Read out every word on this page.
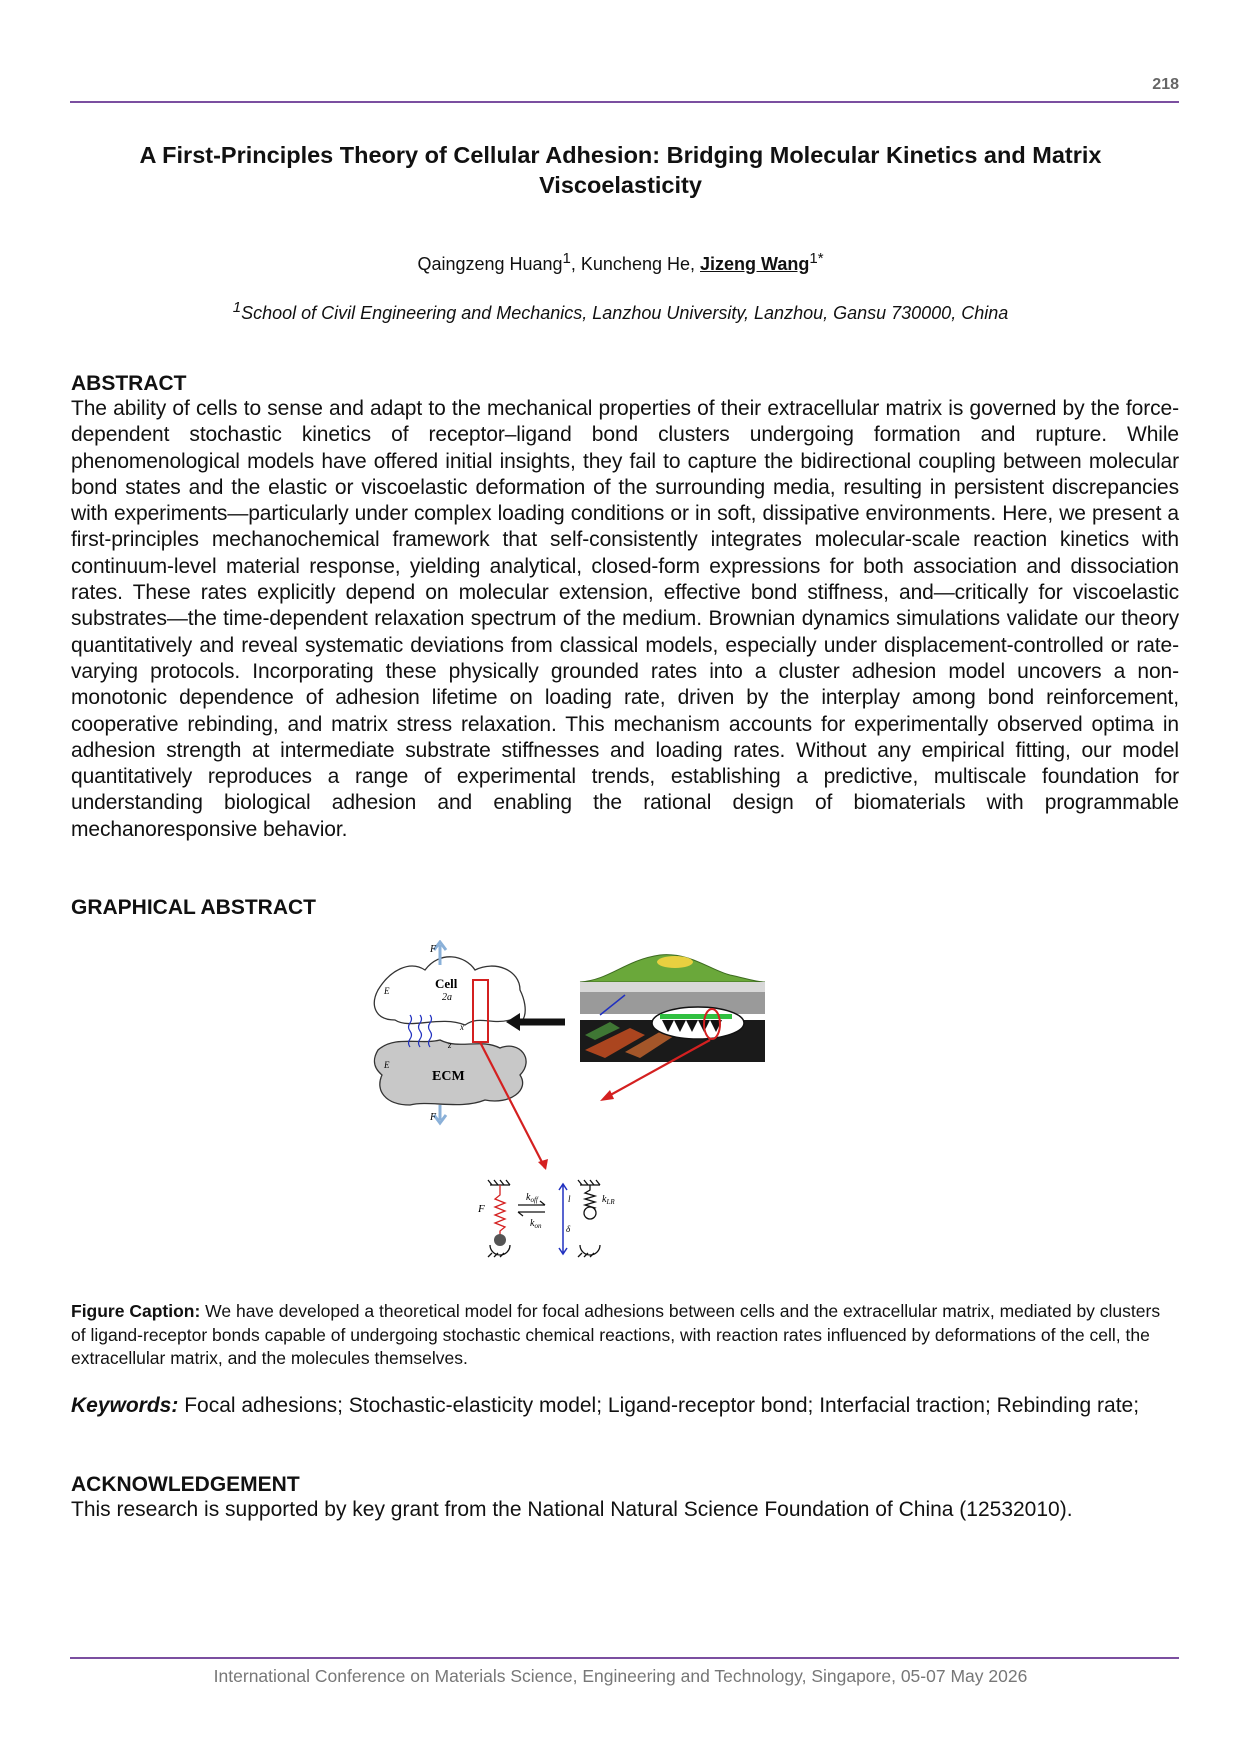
218
A First-Principles Theory of Cellular Adhesion: Bridging Molecular Kinetics and Matrix Viscoelasticity
Qaingzeng Huang$^1$, Kuncheng He, Jizeng Wang$^{1*}$
$^1$School of Civil Engineering and Mechanics, Lanzhou University, Lanzhou, Gansu 730000, China
ABSTRACT
The ability of cells to sense and adapt to the mechanical properties of their extracellular matrix is governed by the force-dependent stochastic kinetics of receptor–ligand bond clusters undergoing formation and rupture. While phenomenological models have offered initial insights, they fail to capture the bidirectional coupling between molecular bond states and the elastic or viscoelastic deformation of the surrounding media, resulting in persistent discrepancies with experiments—particularly under complex loading conditions or in soft, dissipative environments. Here, we present a first-principles mechanochemical framework that self-consistently integrates molecular-scale reaction kinetics with continuum-level material response, yielding analytical, closed-form expressions for both association and dissociation rates. These rates explicitly depend on molecular extension, effective bond stiffness, and—critically for viscoelastic substrates—the time-dependent relaxation spectrum of the medium. Brownian dynamics simulations validate our theory quantitatively and reveal systematic deviations from classical models, especially under displacement-controlled or rate-varying protocols. Incorporating these physically grounded rates into a cluster adhesion model uncovers a non-monotonic dependence of adhesion lifetime on loading rate, driven by the interplay among bond reinforcement, cooperative rebinding, and matrix stress relaxation. This mechanism accounts for experimentally observed optima in adhesion strength at intermediate substrate stiffnesses and loading rates. Without any empirical fitting, our model quantitatively reproduces a range of experimental trends, establishing a predictive, multiscale foundation for understanding biological adhesion and enabling the rational design of biomaterials with programmable mechanoresponsive behavior.
GRAPHICAL ABSTRACT
F
F
Cell
2a
ECM
E
E
x
z
F
$k_{off}$
$k_{on}$
l
δ
$k_{LR}$
Figure Caption: We have developed a theoretical model for focal adhesions between cells and the extracellular matrix, mediated by clusters of ligand-receptor bonds capable of undergoing stochastic chemical reactions, with reaction rates influenced by deformations of the cell, the extracellular matrix, and the molecules themselves.
Keywords: Focal adhesions; Stochastic-elasticity model; Ligand-receptor bond; Interfacial traction; Rebinding rate;
ACKNOWLEDGEMENT
This research is supported by key grant from the National Natural Science Foundation of China (12532010).
International Conference on Materials Science, Engineering and Technology, Singapore, 05-07 May 2026
